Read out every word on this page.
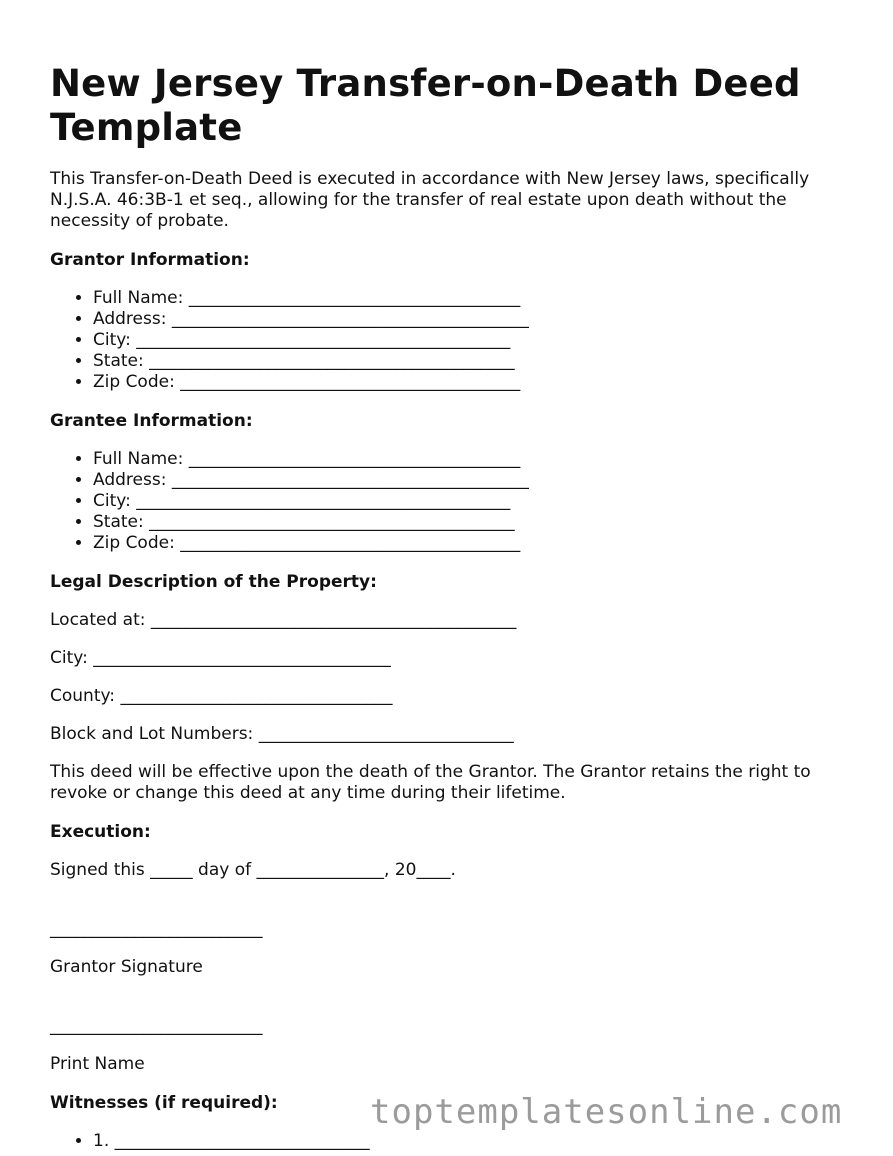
New Jersey Transfer-on-Death Deed Template

This Transfer-on-Death Deed is executed in accordance with New Jersey laws, specifically N.J.S.A. 46:3B-1 et seq., allowing for the transfer of real estate upon death without the necessity of probate.

Grantor Information:
• Full Name: _______________________________________
• Address: __________________________________________
• City: ____________________________________________
• State: ___________________________________________
• Zip Code: ________________________________________
Grantee Information:
• Full Name: _______________________________________
• Address: __________________________________________
• City: ____________________________________________
• State: ___________________________________________
• Zip Code: ________________________________________
Legal Description of the Property:

Located at: ___________________________________________

City: ___________________________________

County: ________________________________

Block and Lot Numbers: ______________________________

This deed will be effective upon the death of the Grantor. The Grantor retains the right to revoke or change this deed at any time during their lifetime.

Execution:

Signed this _____ day of _______________, 20____.

_________________________

Grantor Signature

_________________________

Print Name

Witnesses (if required):
• 1. ______________________________
toptemplatesonline.com
